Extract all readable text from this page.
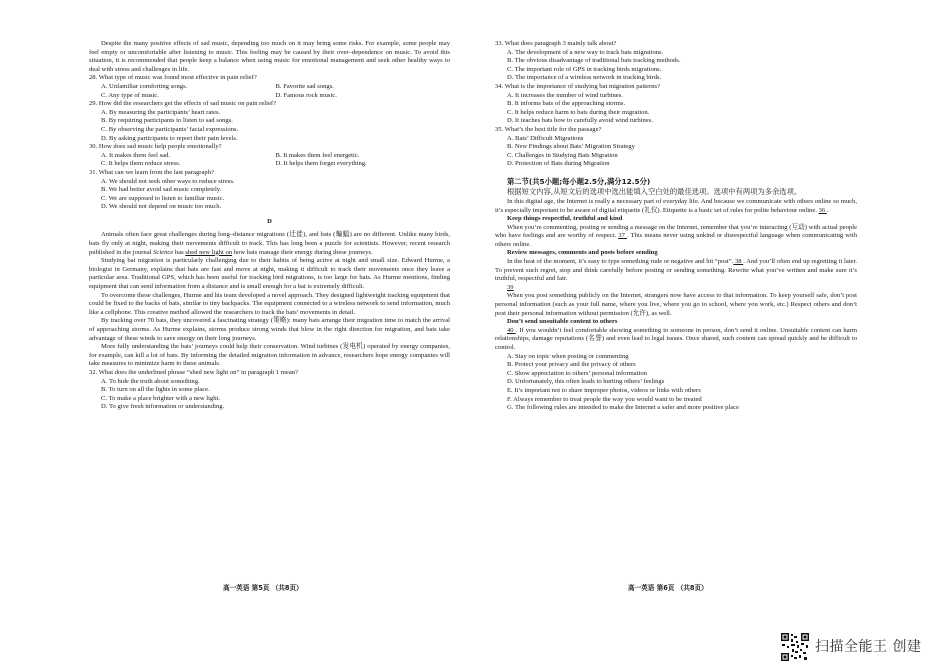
Despite the many positive effects of sad music, depending too much on it may bring some risks. For example, some people may feel empty or uncomfortable after listening to music. This feeling may be caused by their over–dependence on music. To avoid this situation, it is recommended that people keep a balance when using music for emotional management and seek other healthy ways to deal with stress and challenges in life.

28. What type of music was found most effective in pain relief?

A. Unfamiliar comforting songs.	B. Favorite sad songs.
C. Any type of music.	D. Famous rock music.

29. How did the researchers get the effects of sad music on pain relief?

A. By measuring the participants’ heart rates.

B. By requiring participants to listen to sad songs.

C. By observing the participants’ facial expressions.

D. By asking participants to report their pain levels.

30. How does sad music help people emotionally?

A. It makes them feel sad.	B. It makes them feel energetic.
C. It helps them reduce stress.	D. It helps them forget everything.

31. What can we learn from the last paragraph?

A. We should not seek other ways to reduce stress.

B. We had better avoid sad music completely.

C. We are supposed to listen to familiar music.

D. We should not depend on music too much.

D

Animals often face great challenges during long–distance migrations (迁徙), and bats (蝙蝠) are no different. Unlike many birds, bats fly only at night, making their movements difficult to track. This has long been a puzzle for scientists. However, recent research published in the journal Science has shed new light on how bats manage their energy during these journeys.

Studying bat migration is particularly challenging due to their habits of being active at night and small size. Edward Hurme, a biologist in Germany, explains that bats are fast and move at night, making it difficult to track their movements once they leave a particular area. Traditional GPS, which has been useful for tracking bird migrations, is too large for bats. As Hurme mentions, finding equipment that can send information from a distance and is small enough for a bat is extremely difficult.

To overcome these challenges, Hurme and his team developed a novel approach. They designed lightweight tracking equipment that could be fixed to the backs of bats, similar to tiny backpacks. The equipment connected to a wireless network to send information, much like a cellphone. This creative method allowed the researchers to track the bats’ movements in detail.

By tracking over 70 bats, they uncovered a fascinating strategy (策略): many bats arrange their migration time to match the arrival of approaching storms. As Hurme explains, storms produce strong winds that blow in the right direction for migration, and bats take advantage of these winds to save energy on their long journeys.

More fully understanding the bats’ journeys could help their conservation. Wind turbines (发电机) operated by energy companies, for example, can kill a lot of bats. By informing the detailed migration information in advance, researchers hope energy companies will take measures to minimize harm to these animals.

32. What does the underlined phrase “shed new light on” in paragraph 1 mean?

A. To hide the truth about something.

B. To turn on all the lights in some place.

C. To make a place brighter with a new light.

D. To give fresh information or understanding.

33. What does paragraph 3 mainly talk about?

A. The development of a new way to track bats migrations.

B. The obvious disadvantage of traditional bats tracking methods.

C. The important role of GPS in tracking birds migrations.

D. The importance of a wireless network in tracking birds.

34. What is the importance of studying bat migration patterns?

A. It increases the number of wind turbines.

B. It informs bats of the approaching storms.

C. It helps reduce harm to bats during their migration.

D. It teaches bats how to carefully avoid wind turbines.

35. What’s the best title for the passage?

A. Bats’ Difficult Migrations

B. New Findings about Bats’ Migration Strategy

C. Challenges in Studying Bats Migration

D. Protection of Bats during Migration

第二节(共5小题;每小题2.5分,满分12.5分)

根据短文内容,从短文后的选项中选出能填入空白处的最佳选项。选项中有两项为多余选项。

In this digital age, the Internet is really a necessary part of everyday life. And because we communicate with others online so much, it’s especially important to be aware of digital etiquette (礼仪). Etiquette is a basic set of rules for polite behaviour online. 36 .

Keep things respectful, truthful and kind

When you’re commenting, posting or sending a message on the Internet, remember that you’re interacting (互动) with actual people who have feelings and are worthy of respect. 37 . This means never using unkind or disrespectful language when communicating with others online.

Review messages, comments and posts before sending

In the heat of the moment, it’s easy to type something rude or negative and hit “post”. 38 . And you’ll often end up regretting it later. To prevent such regret, stop and think carefully before posting or sending something. Rewrite what you’ve written and make sure it’s truthful, respectful and fair.

39

When you post something publicly on the Internet, strangers now have access to that information. To keep yourself safe, don’t post personal information (such as your full name, where you live, where you go to school, where you work, etc.) Respect others and don’t post their personal information without permission (允许), as well.

Don’t send unsuitable content to others

40 . If you wouldn’t feel comfortable showing something to someone in person, don’t send it online. Unsuitable content can harm relationships, damage reputations (名誉) and even lead to legal issues. Once shared, such content can spread quickly and be difficult to control.

A. Stay on topic when posting or commenting

B. Protect your privacy and the privacy of others

C. Show appreciation to others’ personal information

D. Unfortunately, this often leads to hurting others’ feelings

E. It’s important not to share improper photos, videos or links with others

F. Always remember to treat people the way you would want to be treated

G. The following rules are intended to make the Internet a safer and more positive place

高一英语 第5页 （共8页）	高一英语 第6页 （共8页）
扫描全能王 创建
